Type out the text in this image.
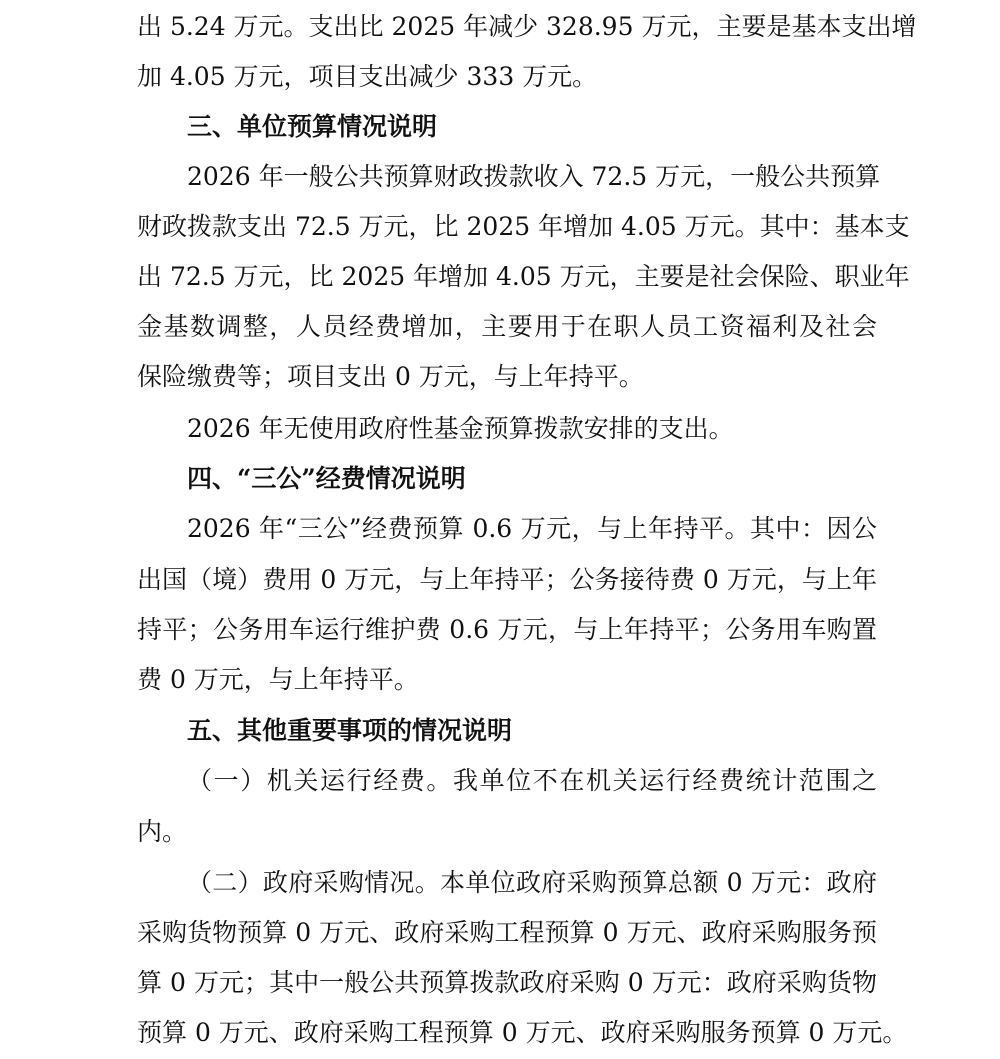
出 5.24 万元。支出比 2025 年减少 328.95 万元，主要是基本支出增
加 4.05 万元，项目支出减少 333 万元。
三、单位预算情况说明
2026 年一般公共预算财政拨款收入 72.5 万元，一般公共预算
财政拨款支出 72.5 万元，比 2025 年增加 4.05 万元。其中：基本支
出 72.5 万元，比 2025 年增加 4.05 万元，主要是社会保险、职业年
金基数调整，人员经费增加，主要用于在职人员工资福利及社会
保险缴费等；项目支出 0 万元，与上年持平。
2026 年无使用政府性基金预算拨款安排的支出。
四、“三公”经费情况说明
2026 年“三公”经费预算 0.6 万元，与上年持平。其中：因公
出国（境）费用 0 万元，与上年持平；公务接待费 0 万元，与上年
持平；公务用车运行维护费 0.6 万元，与上年持平；公务用车购置
费 0 万元，与上年持平。
五、其他重要事项的情况说明
（一）机关运行经费。我单位不在机关运行经费统计范围之
内。
（二）政府采购情况。本单位政府采购预算总额 0 万元：政府
采购货物预算 0 万元、政府采购工程预算 0 万元、政府采购服务预
算 0 万元；其中一般公共预算拨款政府采购 0 万元：政府采购货物
预算 0 万元、政府采购工程预算 0 万元、政府采购服务预算 0 万元。
